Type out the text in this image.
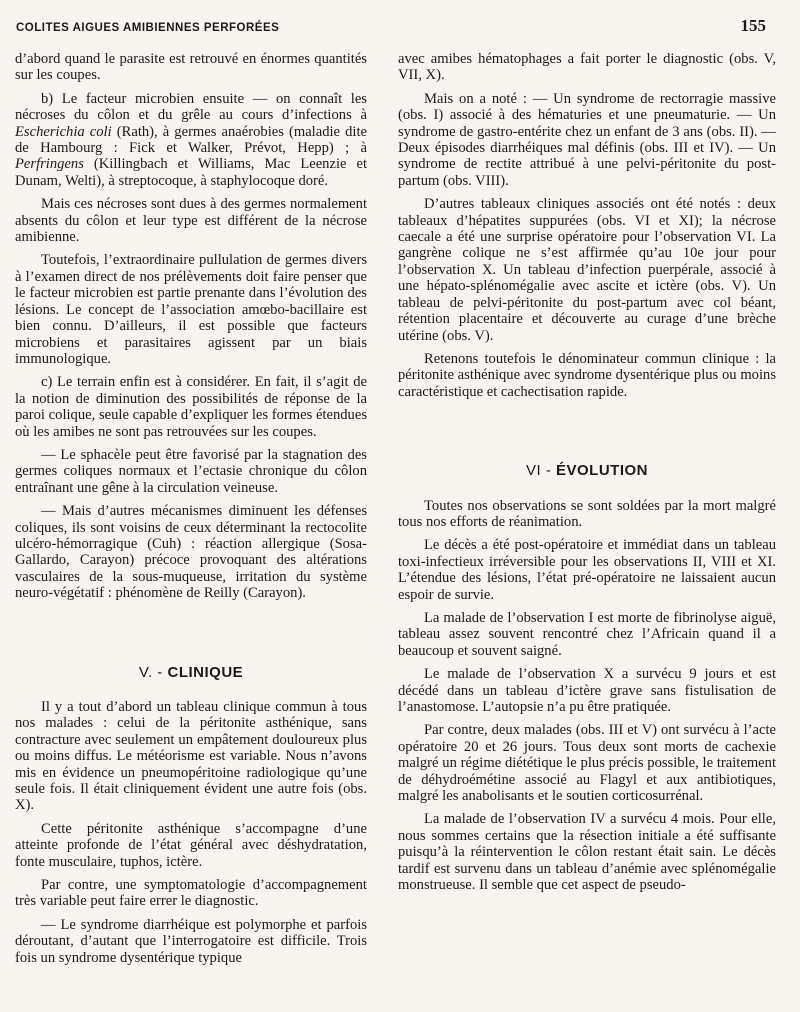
COLITES AIGUES AMIBIENNES PERFORÉES	155

d’abord quand le parasite est retrouvé en énormes quantités sur les coupes.

b) Le facteur microbien ensuite — on connaît les nécroses du côlon et du grêle au cours d’infections à Escherichia coli (Rath), à germes anaérobies (maladie dite de Hambourg : Fick et Walker, Prévot, Hepp) ; à Perfringens (Killingbach et Williams, Mac Leenzie et Dunam, Welti), à streptocoque, à staphylocoque doré.

Mais ces nécroses sont dues à des germes normalement absents du côlon et leur type est différent de la nécrose amibienne.

Toutefois, l’extraordinaire pullulation de germes divers à l’examen direct de nos prélèvements doit faire penser que le facteur microbien est partie prenante dans l’évolution des lésions. Le concept de l’association amœbo-bacillaire est bien connu. D’ailleurs, il est possible que facteurs microbiens et parasitaires agissent par un biais immunologique.

c) Le terrain enfin est à considérer. En fait, il s’agit de la notion de diminution des possibilités de réponse de la paroi colique, seule capable d’expliquer les formes étendues où les amibes ne sont pas retrouvées sur les coupes.

— Le sphacèle peut être favorisé par la stagnation des germes coliques normaux et l’ectasie chronique du côlon entraînant une gêne à la circulation veineuse.

— Mais d’autres mécanismes diminuent les défenses coliques, ils sont voisins de ceux déterminant la rectocolite ulcéro-hémorragique (Cuh) : réaction allergique (Sosa-Gallardo, Carayon) précoce provoquant des altérations vasculaires de la sous-muqueuse, irritation du système neuro-végétatif : phénomène de Reilly (Carayon).

V. - CLINIQUE

Il y a tout d’abord un tableau clinique commun à tous nos malades : celui de la péritonite asthénique, sans contracture avec seulement un empâtement douloureux plus ou moins diffus. Le météorisme est variable. Nous n’avons mis en évidence un pneumopéritoine radiologique qu’une seule fois. Il était cliniquement évident une autre fois (obs. X).

Cette péritonite asthénique s’accompagne d’une atteinte profonde de l’état général avec déshydratation, fonte musculaire, tuphos, ictère.

Par contre, une symptomatologie d’accompagnement très variable peut faire errer le diagnostic.

— Le syndrome diarrhéique est polymorphe et parfois déroutant, d’autant que l’interrogatoire est difficile. Trois fois un syndrome dysentérique typique

avec amibes hématophages a fait porter le diagnostic (obs. V, VII, X).

Mais on a noté : — Un syndrome de rectorragie massive (obs. I) associé à des hématuries et une pneumaturie. — Un syndrome de gastro-entérite chez un enfant de 3 ans (obs. II). — Deux épisodes diarrhéiques mal définis (obs. III et IV). — Un syndrome de rectite attribué à une pelvi-péritonite du post-partum (obs. VIII).

D’autres tableaux cliniques associés ont été notés : deux tableaux d’hépatites suppurées (obs. VI et XI); la nécrose caecale a été une surprise opératoire pour l’observation VI. La gangrène colique ne s’est affirmée qu’au 10e jour pour l’observation X. Un tableau d’infection puerpérale, associé à une hépato-splénomégalie avec ascite et ictère (obs. V). Un tableau de pelvi-péritonite du post-partum avec col béant, rétention placentaire et découverte au curage d’une brèche utérine (obs. V).

Retenons toutefois le dénominateur commun clinique : la péritonite asthénique avec syndrome dysentérique plus ou moins caractéristique et cachectisation rapide.

VI - ÉVOLUTION

Toutes nos observations se sont soldées par la mort malgré tous nos efforts de réanimation.

Le décès a été post-opératoire et immédiat dans un tableau toxi-infectieux irréversible pour les observations II, VIII et XI. L’étendue des lésions, l’état pré-opératoire ne laissaient aucun espoir de survie.

La malade de l’observation I est morte de fibrinolyse aiguë, tableau assez souvent rencontré chez l’Africain quand il a beaucoup et souvent saigné.

Le malade de l’observation X a survécu 9 jours et est décédé dans un tableau d’ictère grave sans fistulisation de l’anastomose. L’autopsie n’a pu être pratiquée.

Par contre, deux malades (obs. III et V) ont survécu à l’acte opératoire 20 et 26 jours. Tous deux sont morts de cachexie malgré un régime diététique le plus précis possible, le traitement de déhydroémétine associé au Flagyl et aux antibiotiques, malgré les anabolisants et le soutien corticosurrénal.

La malade de l’observation IV a survécu 4 mois. Pour elle, nous sommes certains que la résection initiale a été suffisante puisqu’à la réintervention le côlon restant était sain. Le décès tardif est survenu dans un tableau d’anémie avec splénomégalie monstrueuse. Il semble que cet aspect de pseudo-
